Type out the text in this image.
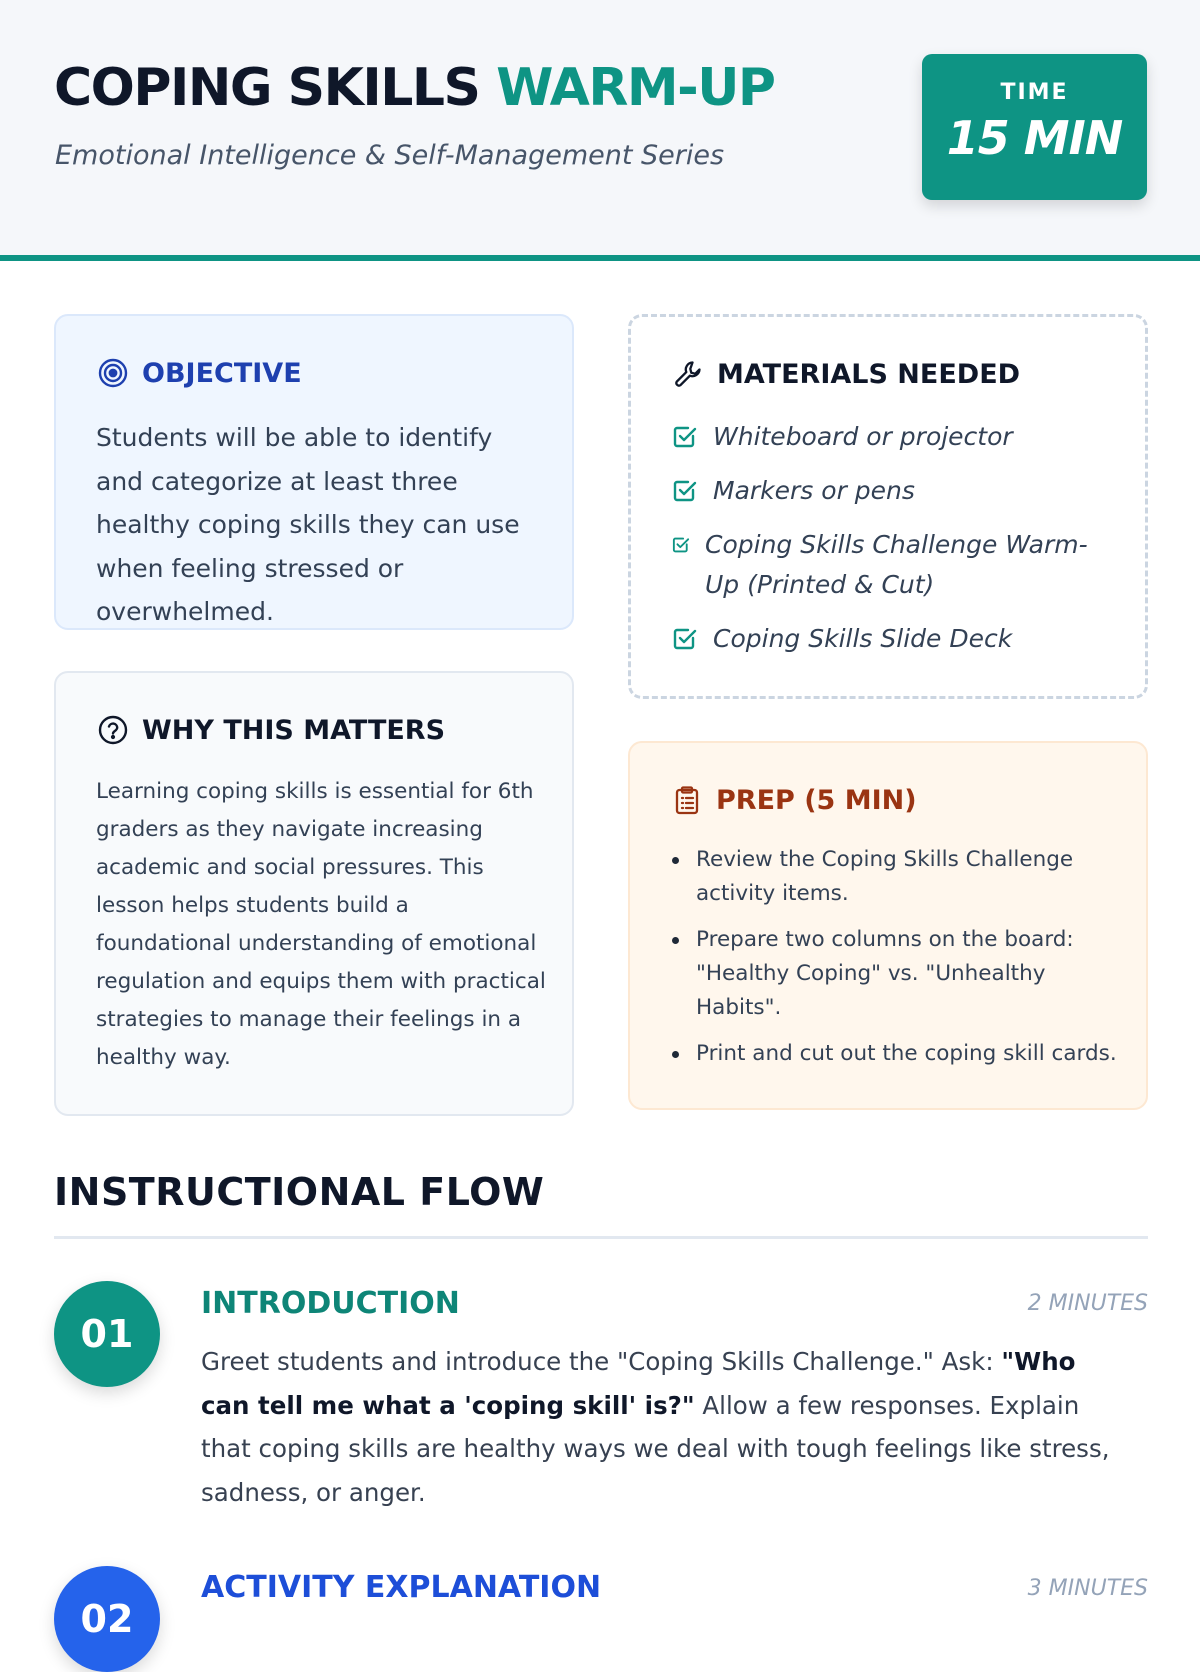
COPING SKILLS WARM-UP
Emotional Intelligence & Self-Management Series
TIME
15 MIN
OBJECTIVE
Students will be able to identify and categorize at least three healthy coping skills they can use when feeling stressed or overwhelmed.
WHY THIS MATTERS
Learning coping skills is essential for 6th graders as they navigate increasing academic and social pressures. This lesson helps students build a foundational understanding of emotional regulation and equips them with practical strategies to manage their feelings in a healthy way.
MATERIALS NEEDED
Whiteboard or projector
Markers or pens
Coping Skills Challenge Warm-Up (Printed & Cut)
Coping Skills Slide Deck
PREP (5 MIN)
Review the Coping Skills Challenge activity items.
Prepare two columns on the board: "Healthy Coping" vs. "Unhealthy Habits".
Print and cut out the coping skill cards.
INSTRUCTIONAL FLOW
01
INTRODUCTION	2 MINUTES
Greet students and introduce the "Coping Skills Challenge." Ask: "Who can tell me what a 'coping skill' is?" Allow a few responses. Explain that coping skills are healthy ways we deal with tough feelings like stress, sadness, or anger.
02
ACTIVITY EXPLANATION	3 MINUTES
